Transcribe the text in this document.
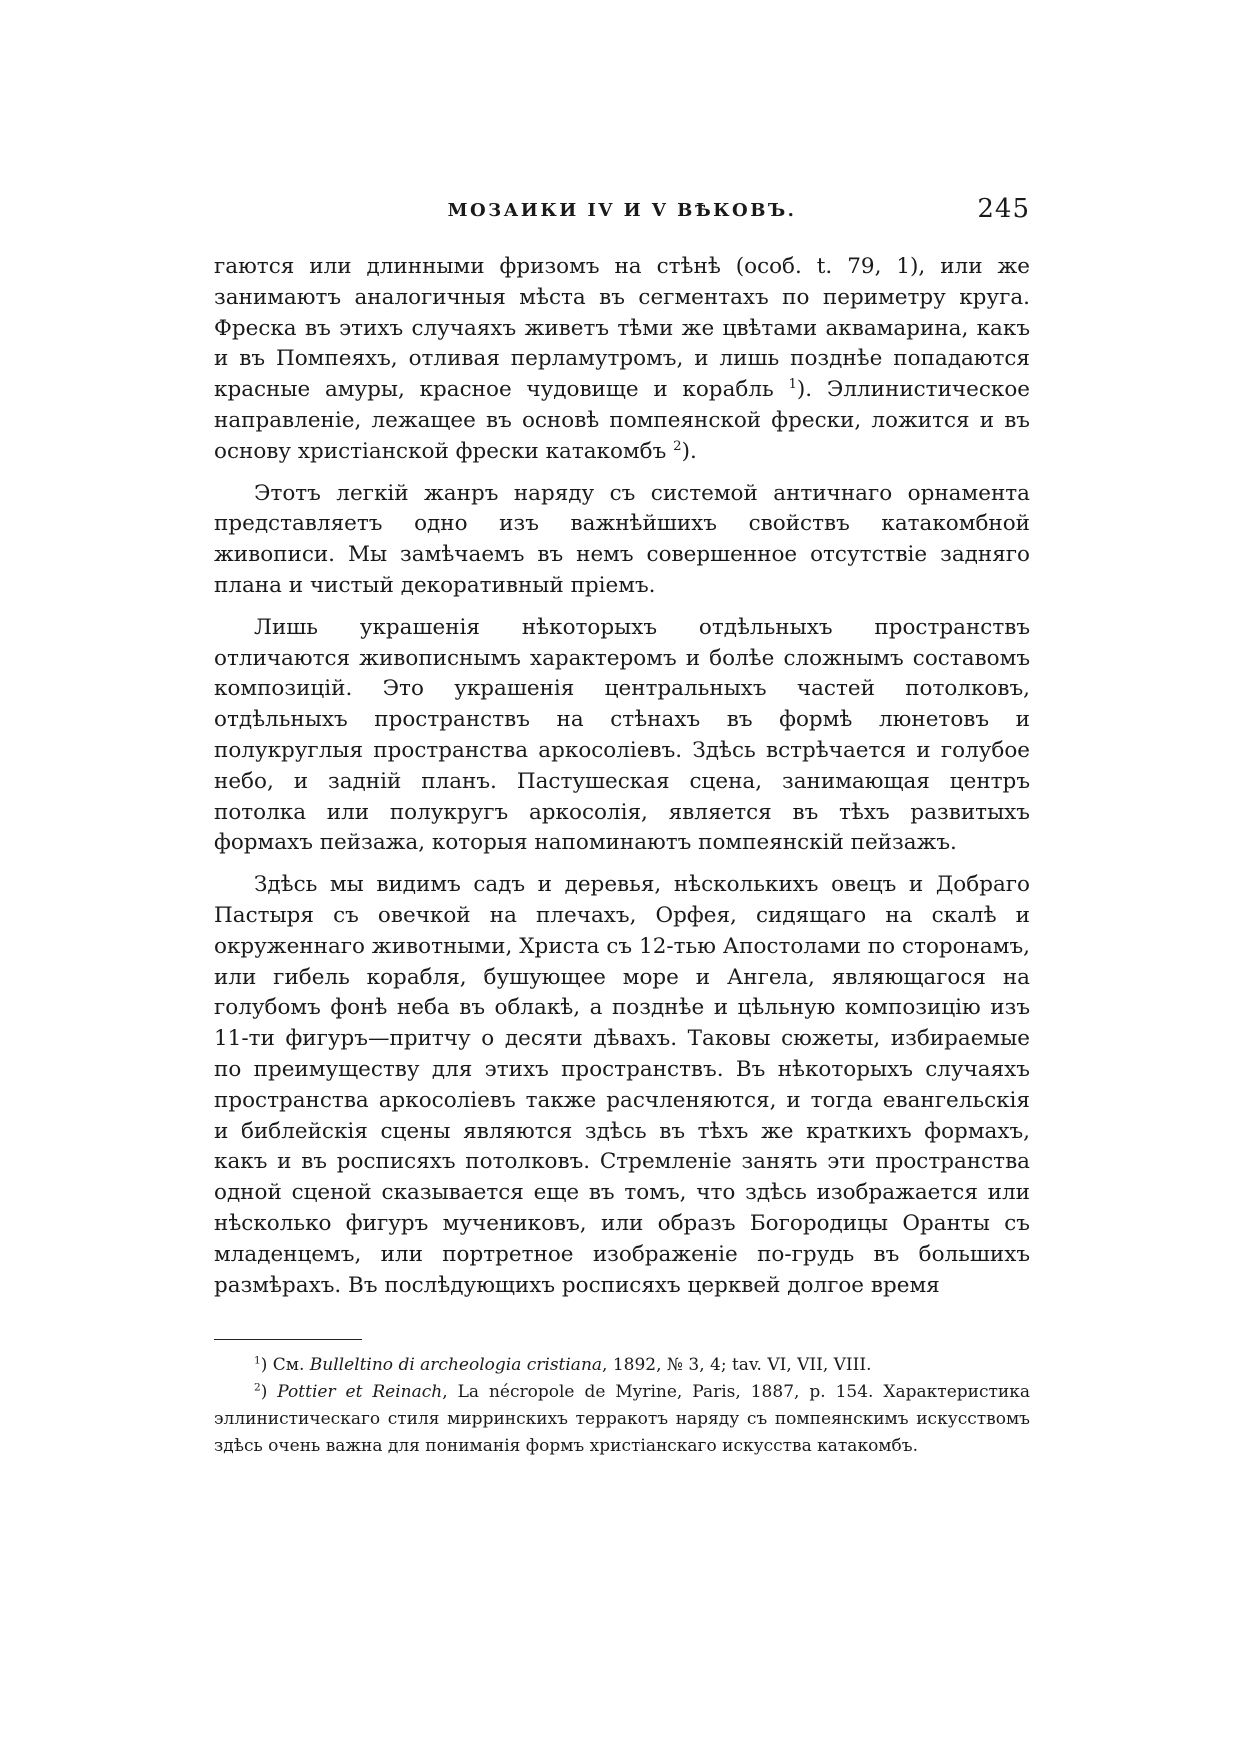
МОЗАИКИ IV И V ВѢКОВЪ.	245

гаются или длинными фризомъ на стѣнѣ (особ. t. 79, 1), или же занимаютъ аналогичныя мѣста въ сегментахъ по периметру круга. Фреска въ этихъ случаяхъ живетъ тѣми же цвѣтами аквамарина, какъ и въ Помпеяхъ, отливая перламутромъ, и лишь позднѣе попадаются красные амуры, красное чудовище и корабль $^1$). Эллинистическое направленіе, лежащее въ основѣ помпеянской фрески, ложится и въ основу христіанской фрески катакомбъ $^2$).

Этотъ легкій жанръ наряду съ системой античнаго орнамента представляетъ одно изъ важнѣйшихъ свойствъ катакомбной живописи. Мы замѣчаемъ въ немъ совершенное отсутствіе задняго плана и чистый декоративный пріемъ.

Лишь украшенія нѣкоторыхъ отдѣльныхъ пространствъ отличаются живописнымъ характеромъ и болѣе сложнымъ составомъ композицій. Это украшенія центральныхъ частей потолковъ, отдѣльныхъ пространствъ на стѣнахъ въ формѣ люнетовъ и полукруглыя пространства аркосоліевъ. Здѣсь встрѣчается и голубое небо, и задній планъ. Пастушеская сцена, занимающая центръ потолка или полукругъ аркосолія, является въ тѣхъ развитыхъ формахъ пейзажа, которыя напоминаютъ помпеянскій пейзажъ.

Здѣсь мы видимъ садъ и деревья, нѣсколькихъ овецъ и Добраго Пастыря съ овечкой на плечахъ, Орфея, сидящаго на скалѣ и окруженнаго животными, Христа съ 12-тью Апостолами по сторонамъ, или гибель корабля, бушующее море и Ангела, являющагося на голубомъ фонѣ неба въ облакѣ, а позднѣе и цѣльную композицію изъ 11-ти фигуръ—притчу о десяти дѣвахъ. Таковы сюжеты, избираемые по преимуществу для этихъ пространствъ. Въ нѣкоторыхъ случаяхъ пространства аркосоліевъ также расчленяются, и тогда евангельскія и библейскія сцены являются здѣсь въ тѣхъ же краткихъ формахъ, какъ и въ росписяхъ потолковъ. Стремленіе занять эти пространства одной сценой сказывается еще въ томъ, что здѣсь изображается или нѣсколько фигуръ мучениковъ, или образъ Богородицы Оранты съ младенцемъ, или портретное изображеніе по-грудь въ большихъ размѣрахъ. Въ послѣдующихъ росписяхъ церквей долгое время

$^1$) См. Bulleltino di archeologia cristiana, 1892, № 3, 4; tav. VI, VII, VIII.

$^2$) Pottier et Reinach, La nécropole de Myrine, Paris, 1887, p. 154. Характеристика эллинистическаго стиля мирринскихъ терракотъ наряду съ помпеянскимъ искусствомъ здѣсь очень важна для пониманія формъ христіанскаго искусства катакомбъ.
